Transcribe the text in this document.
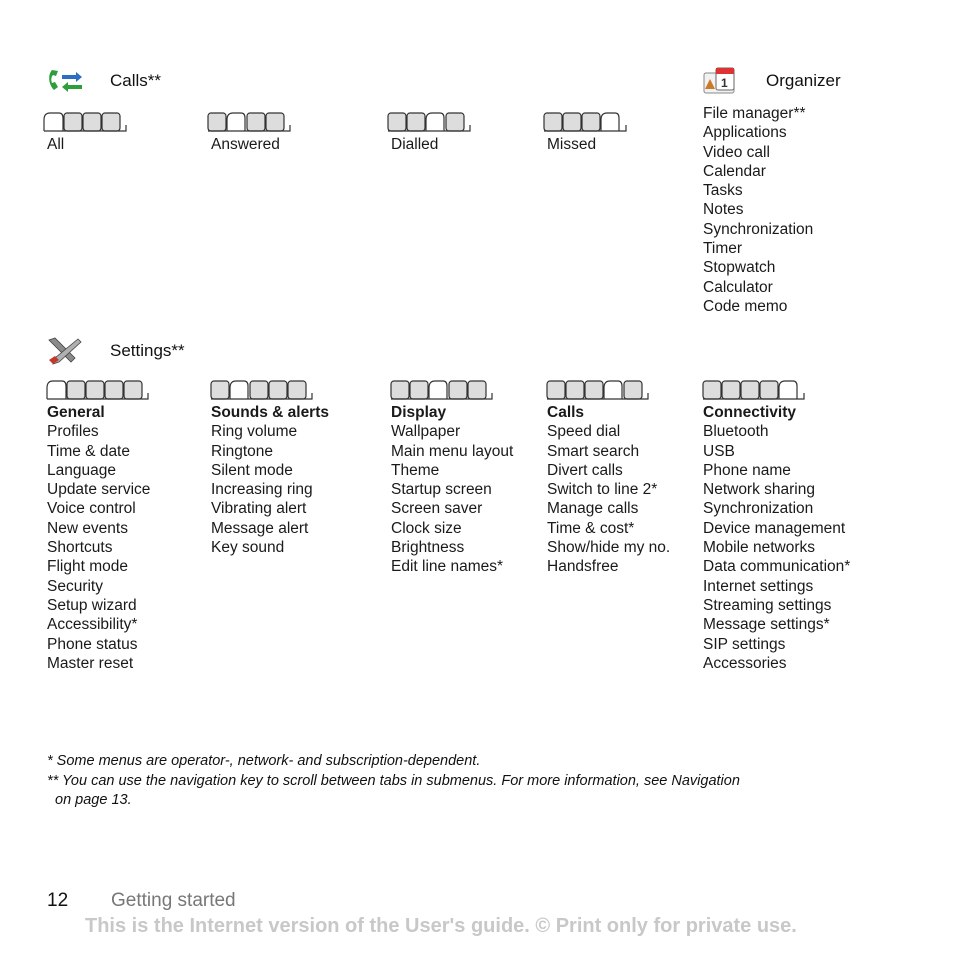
Calls**
All	Answered	Dialled	Missed
1 Organizer
File manager**
Applications
Video call
Calendar
Tasks
Notes
Synchronization
Timer
Stopwatch
Calculator
Code memo
Settings**
General
Profiles
Time & date
Language
Update service
Voice control
New events
Shortcuts
Flight mode
Security
Setup wizard
Accessibility*
Phone status
Master reset
Sounds & alerts
Ring volume
Ringtone
Silent mode
Increasing ring
Vibrating alert
Message alert
Key sound
Display
Wallpaper
Main menu layout
Theme
Startup screen
Screen saver
Clock size
Brightness
Edit line names*
Calls
Speed dial
Smart search
Divert calls
Switch to line 2*
Manage calls
Time & cost*
Show/hide my no.
Handsfree
Connectivity
Bluetooth
USB
Phone name
Network sharing
Synchronization
Device management
Mobile networks
Data communication*
Internet settings
Streaming settings
Message settings*
SIP settings
Accessories
* Some menus are operator-, network- and subscription-dependent.
** You can use the navigation key to scroll between tabs in submenus. For more information, see Navigation
on page 13.
12 Getting started
This is the Internet version of the User's guide. © Print only for private use.
